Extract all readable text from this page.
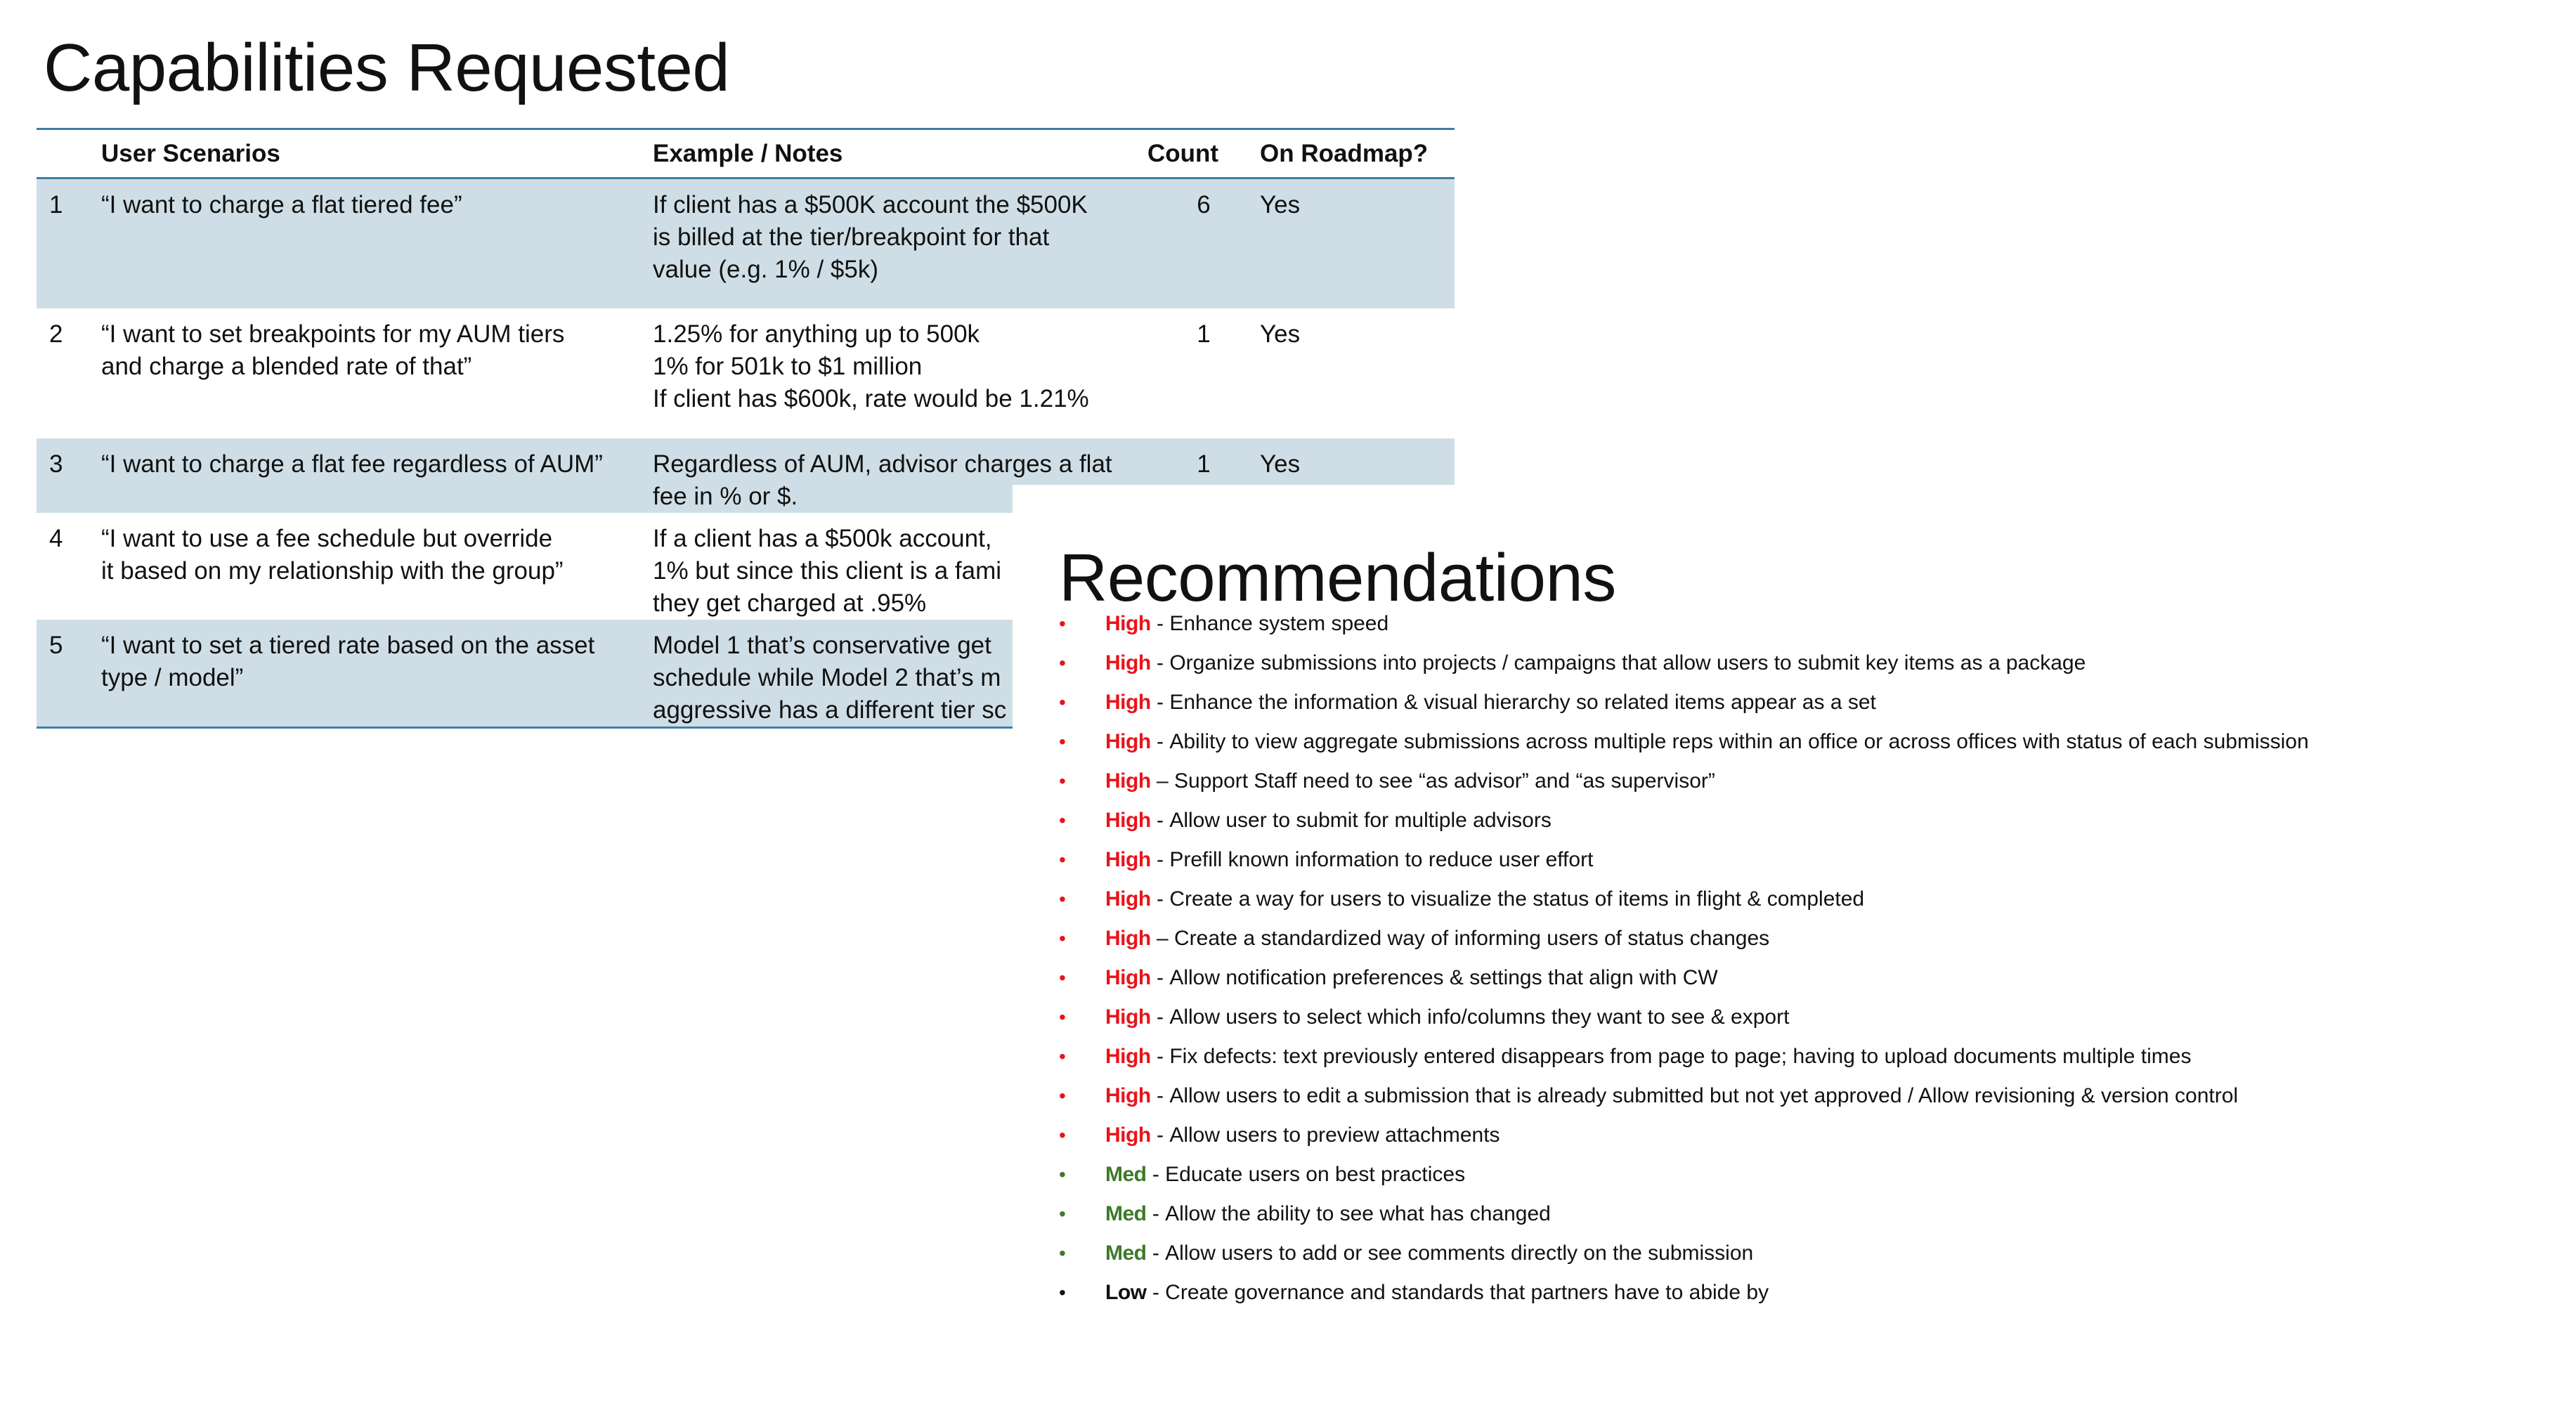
Capabilities Requested
	User Scenarios	Example / Notes	Count	On Roadmap?
1	“I want to charge a flat tiered fee”	If client has a $500K account the $500K
is billed at the tier/breakpoint for that
value (e.g. 1% / $5k)	6	Yes
2	“I want to set breakpoints for my AUM tiers
and charge a blended rate of that”	1.25% for anything up to 500k
1% for 501k to $1 million
If client has $600k, rate would be 1.21%	1	Yes
3	“I want to charge a flat fee regardless of AUM”	Regardless of AUM, advisor charges a flat
fee in % or $.	1	Yes
4	“I want to use a fee schedule but override
it based on my relationship with the group”	If a client has a $500k account,
1% but since this client is a fami
they get charged at .95%		
5	“I want to set a tiered rate based on the asset
type / model”	Model 1 that’s conservative get
schedule while Model 2 that’s m
aggressive has a different tier sc		
Recommendations
•	High - Enhance system speed
•	High - Organize submissions into projects / campaigns that allow users to submit key items as a package
•	High - Enhance the information & visual hierarchy so related items appear as a set
•	High - Ability to view aggregate submissions across multiple reps within an office or across offices with status of each submission
•	High – Support Staff need to see “as advisor” and “as supervisor”
•	High - Allow user to submit for multiple advisors
•	High - Prefill known information to reduce user effort
•	High - Create a way for users to visualize the status of items in flight & completed
•	High – Create a standardized way of informing users of status changes
•	High - Allow notification preferences & settings that align with CW
•	High - Allow users to select which info/columns they want to see & export
•	High - Fix defects: text previously entered disappears from page to page; having to upload documents multiple times
•	High - Allow users to edit a submission that is already submitted but not yet approved / Allow revisioning & version control
•	High - Allow users to preview attachments
•	Med - Educate users on best practices
•	Med - Allow the ability to see what has changed
•	Med - Allow users to add or see comments directly on the submission
•	Low - Create governance and standards that partners have to abide by
